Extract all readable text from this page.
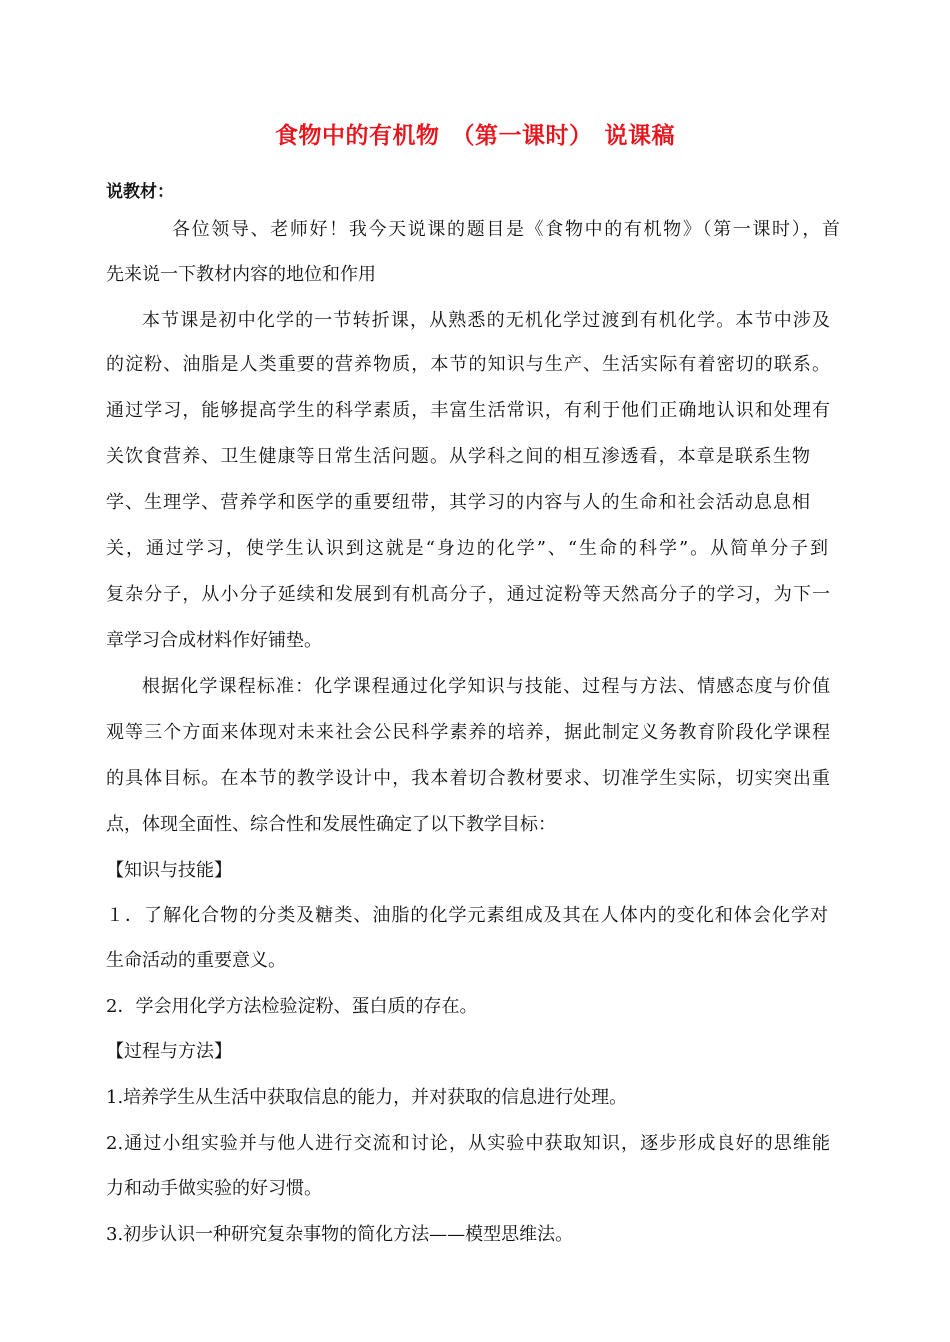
食物中的有机物　（第一课时）　说课稿
说教材：
各位领导、老师好！我今天说课的题目是《食物中的有机物》（第一课时），首
先来说一下教材内容的地位和作用
本节课是初中化学的一节转折课，从熟悉的无机化学过渡到有机化学。本节中涉及
的淀粉、油脂是人类重要的营养物质，本节的知识与生产、生活实际有着密切的联系。
通过学习，能够提高学生的科学素质，丰富生活常识，有利于他们正确地认识和处理有
关饮食营养、卫生健康等日常生活问题。从学科之间的相互渗透看，本章是联系生物
学、生理学、营养学和医学的重要纽带，其学习的内容与人的生命和社会活动息息相
关，通过学习，使学生认识到这就是“身边的化学”、“生命的科学”。从简单分子到
复杂分子，从小分子延续和发展到有机高分子，通过淀粉等天然高分子的学习，为下一
章学习合成材料作好铺垫。
根据化学课程标准：化学课程通过化学知识与技能、过程与方法、情感态度与价值
观等三个方面来体现对未来社会公民科学素养的培养，据此制定义务教育阶段化学课程
的具体目标。在本节的教学设计中，我本着切合教材要求、切准学生实际，切实突出重
点，体现全面性、综合性和发展性确定了以下教学目标：
【知识与技能】
１．了解化合物的分类及糖类、油脂的化学元素组成及其在人体内的变化和体会化学对
生命活动的重要意义。
2．学会用化学方法检验淀粉、蛋白质的存在。
【过程与方法】
1.培养学生从生活中获取信息的能力，并对获取的信息进行处理。
2.通过小组实验并与他人进行交流和讨论，从实验中获取知识，逐步形成良好的思维能
力和动手做实验的好习惯。
3.初步认识一种研究复杂事物的简化方法——模型思维法。
